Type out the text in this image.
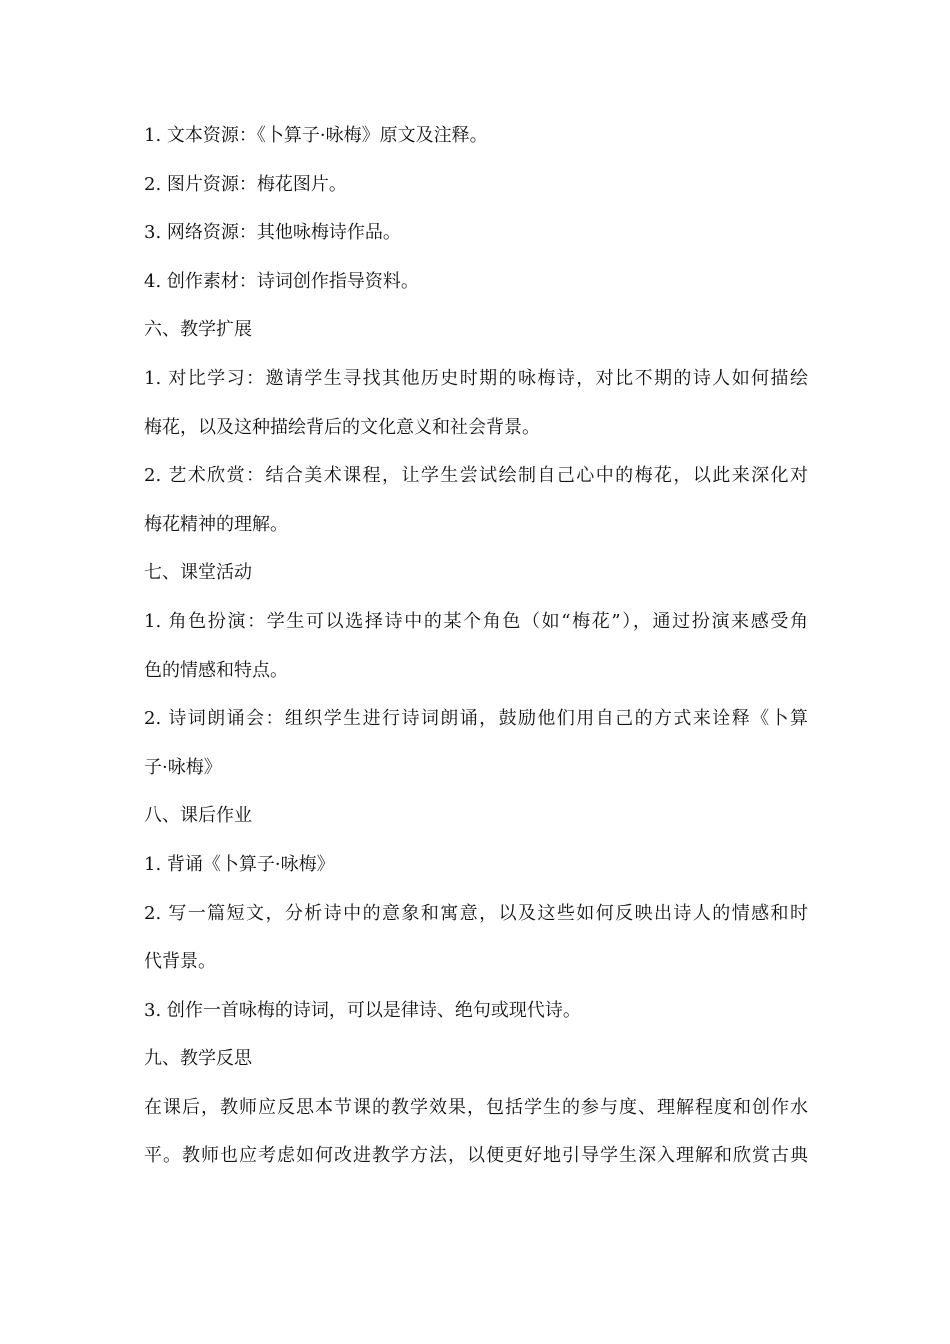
1. 文本资源：《卜算子·咏梅》原文及注释。
2. 图片资源：梅花图片。
3. 网络资源：其他咏梅诗作品。
4. 创作素材：诗词创作指导资料。
六、教学扩展
1. 对比学习：邀请学生寻找其他历史时期的咏梅诗，对比不期的诗人如何描绘
梅花，以及这种描绘背后的文化意义和社会背景。
2. 艺术欣赏：结合美术课程，让学生尝试绘制自己心中的梅花，以此来深化对
梅花精神的理解。
七、课堂活动
1. 角色扮演：学生可以选择诗中的某个角色（如“梅花”），通过扮演来感受角
色的情感和特点。
2. 诗词朗诵会：组织学生进行诗词朗诵，鼓励他们用自己的方式来诠释《卜算
子·咏梅》
八、课后作业
1. 背诵《卜算子·咏梅》
2. 写一篇短文，分析诗中的意象和寓意，以及这些如何反映出诗人的情感和时
代背景。
3. 创作一首咏梅的诗词，可以是律诗、绝句或现代诗。
九、教学反思
在课后，教师应反思本节课的教学效果，包括学生的参与度、理解程度和创作水
平。教师也应考虑如何改进教学方法，以便更好地引导学生深入理解和欣赏古典
